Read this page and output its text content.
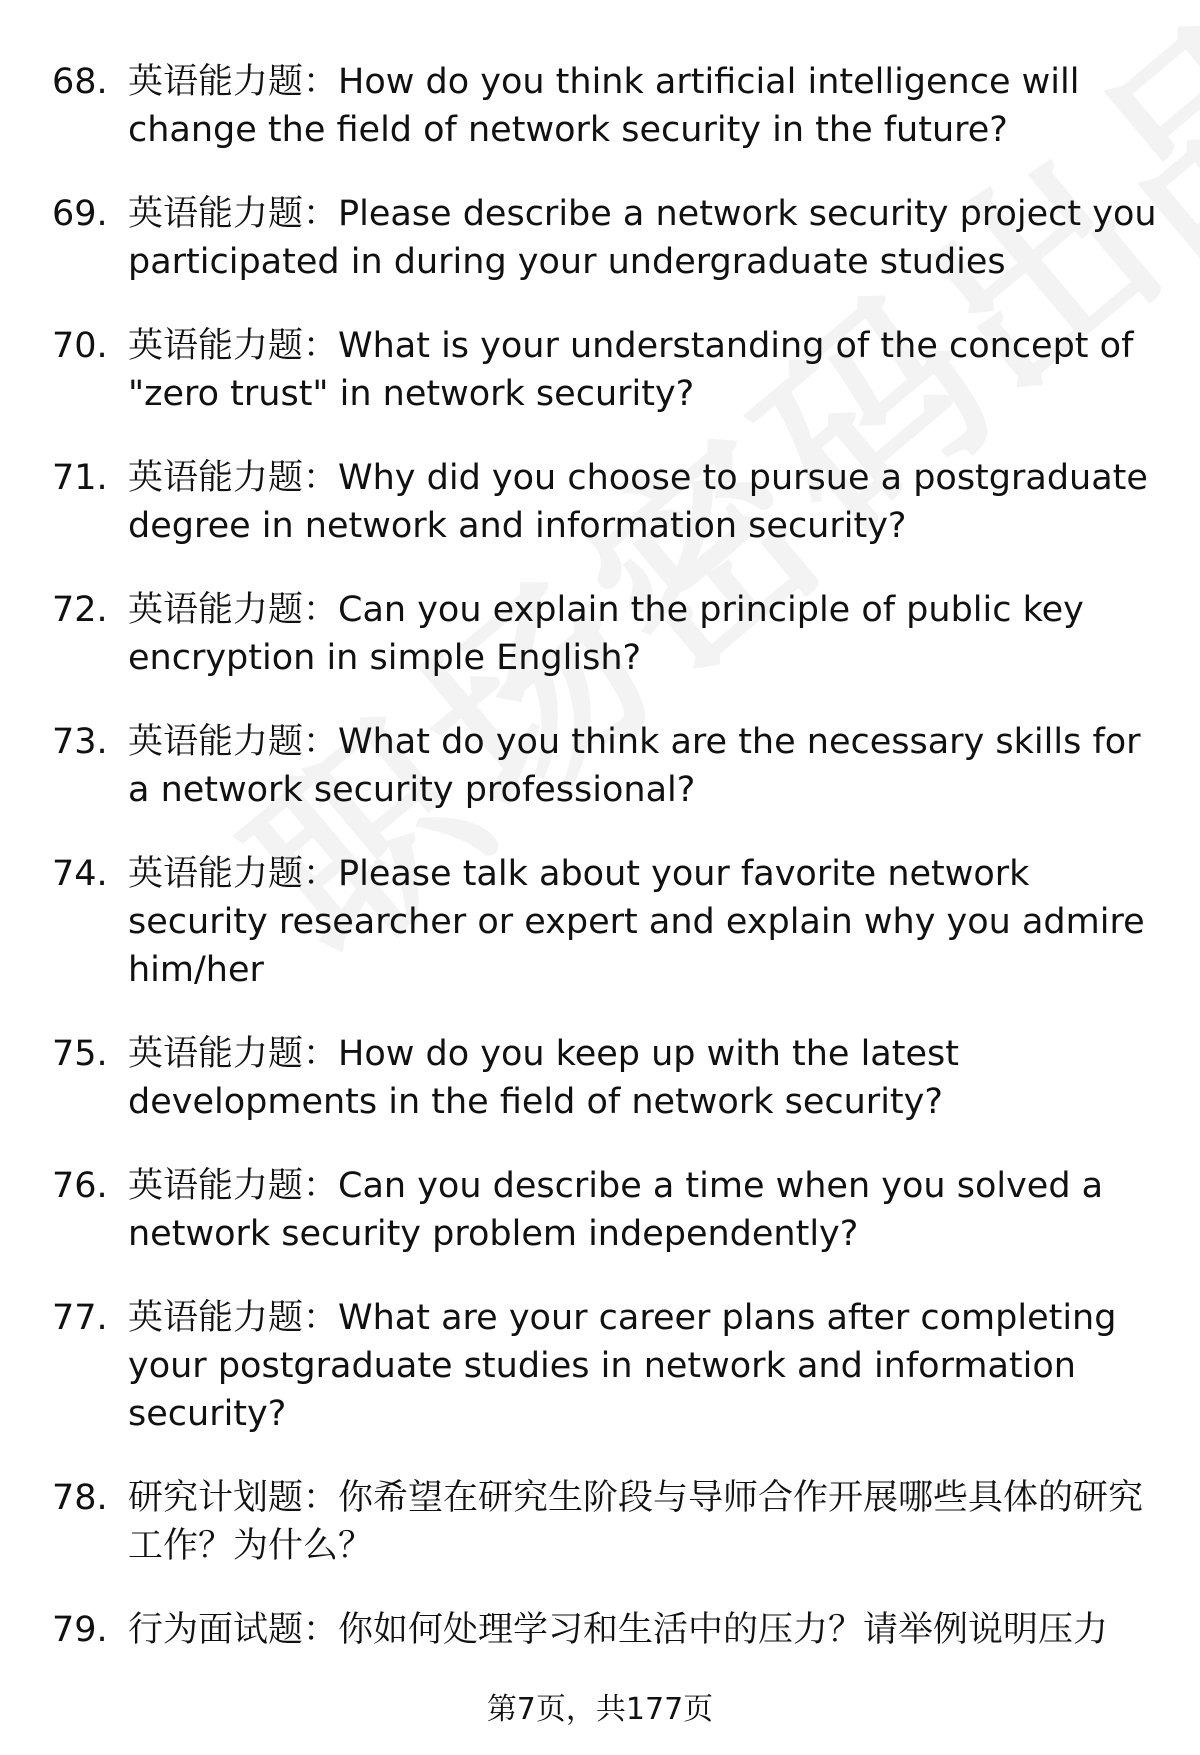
68. 英语能力题：How do you think artificial intelligence will change the field of network security in the future?
69. 英语能力题：Please describe a network security project you participated in during your undergraduate studies
70. 英语能力题：What is your understanding of the concept of "zero trust" in network security?
71. 英语能力题：Why did you choose to pursue a postgraduate degree in network and information security?
72. 英语能力题：Can you explain the principle of public key encryption in simple English?
73. 英语能力题：What do you think are the necessary skills for a network security professional?
74. 英语能力题：Please talk about your favorite network security researcher or expert and explain why you admire him/her
75. 英语能力题：How do you keep up with the latest developments in the field of network security?
76. 英语能力题：Can you describe a time when you solved a network security problem independently?
77. 英语能力题：What are your career plans after completing your postgraduate studies in network and information security?
78. 研究计划题：你希望在研究生阶段与导师合作开展哪些具体的研究工作？为什么？
79. 行为面试题：你如何处理学习和生活中的压力？请举例说明压力
第7页，共177页
